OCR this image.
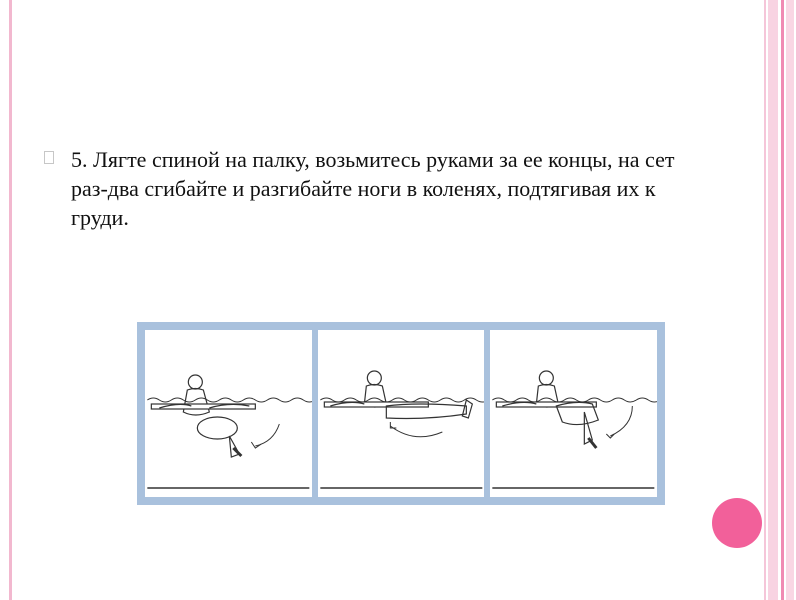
5. Лягте спиной на палку, возьмитесь руками за ее концы, на сет раз-два сгибайте и разгибайте ноги в коленях, подтягивая их к груди.
